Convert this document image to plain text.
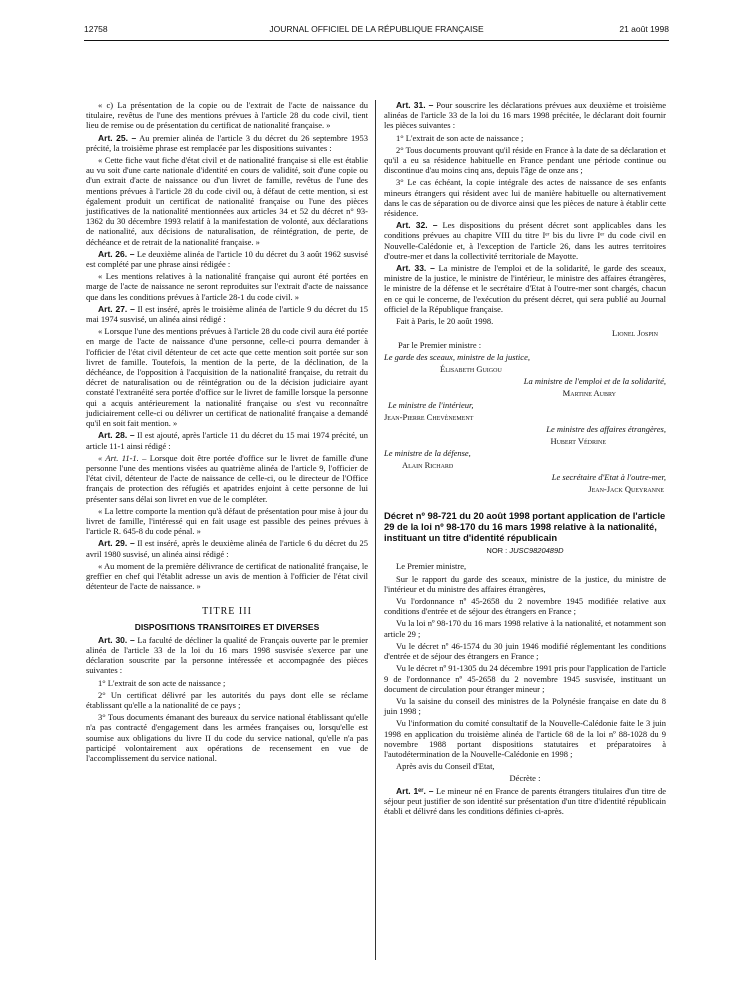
12758	JOURNAL OFFICIEL DE LA RÉPUBLIQUE FRANÇAISE	21 août 1998

« c) La présentation de la copie ou de l'extrait de l'acte de naissance du titulaire, revêtus de l'une des mentions prévues à l'article 28 du code civil, tient lieu de remise ou de présentation du certificat de nationalité française. »

Art. 25. – Au premier alinéa de l'article 3 du décret du 26 septembre 1953 précité, la troisième phrase est remplacée par les dispositions suivantes :

« Cette fiche vaut fiche d'état civil et de nationalité française si elle est établie au vu soit d'une carte nationale d'identité en cours de validité, soit d'une copie ou d'un extrait d'acte de naissance ou d'un livret de famille, revêtus de l'une des mentions prévues à l'article 28 du code civil ou, à défaut de cette mention, si est également produit un certificat de nationalité française ou l'une des pièces justificatives de la nationalité mentionnées aux articles 34 et 52 du décret n° 93-1362 du 30 décembre 1993 relatif à la manifestation de volonté, aux déclarations de nationalité, aux décisions de naturalisation, de réintégration, de perte, de déchéance et de retrait de la nationalité française. »

Art. 26. – Le deuxième alinéa de l'article 10 du décret du 3 août 1962 susvisé est complété par une phrase ainsi rédigée :

« Les mentions relatives à la nationalité française qui auront été portées en marge de l'acte de naissance ne seront reproduites sur l'extrait d'acte de naissance que dans les conditions prévues à l'article 28-1 du code civil. »

Art. 27. – Il est inséré, après le troisième alinéa de l'article 9 du décret du 15 mai 1974 susvisé, un alinéa ainsi rédigé :

« Lorsque l'une des mentions prévues à l'article 28 du code civil aura été portée en marge de l'acte de naissance d'une personne, celle-ci pourra demander à l'officier de l'état civil détenteur de cet acte que cette mention soit portée sur son livret de famille. Toutefois, la mention de la perte, de la déclination, de la déchéance, de l'opposition à l'acquisition de la nationalité française, du retrait du décret de naturalisation ou de réintégration ou de la décision judiciaire ayant constaté l'extranéité sera portée d'office sur le livret de famille lorsque la personne qui a acquis antérieurement la nationalité française ou s'est vu reconnaître judiciairement celle-ci ou délivrer un certificat de nationalité française a demandé qu'il en soit fait mention. »

Art. 28. – Il est ajouté, après l'article 11 du décret du 15 mai 1974 précité, un article 11-1 ainsi rédigé :

« Art. 11-1. – Lorsque doit être portée d'office sur le livret de famille d'une personne l'une des mentions visées au quatrième alinéa de l'article 9, l'officier de l'état civil, détenteur de l'acte de naissance de celle-ci, ou le directeur de l'Office français de protection des réfugiés et apatrides enjoint à cette personne de lui présenter sans délai son livret en vue de le compléter.

« La lettre comporte la mention qu'à défaut de présentation pour mise à jour du livret de famille, l'intéressé qui en fait usage est passible des peines prévues à l'article R. 645-8 du code pénal. »

Art. 29. – Il est inséré, après le deuxième alinéa de l'article 6 du décret du 25 avril 1980 susvisé, un alinéa ainsi rédigé :

« Au moment de la première délivrance de certificat de nationalité française, le greffier en chef qui l'établit adresse un avis de mention à l'officier de l'état civil détenteur de l'acte de naissance. »

TITRE III
DISPOSITIONS TRANSITOIRES ET DIVERSES

Art. 30. – La faculté de décliner la qualité de Français ouverte par le premier alinéa de l'article 33 de la loi du 16 mars 1998 susvisée s'exerce par une déclaration souscrite par la personne intéressée et accompagnée des pièces suivantes :

1° L'extrait de son acte de naissance ;

2° Un certificat délivré par les autorités du pays dont elle se réclame établissant qu'elle a la nationalité de ce pays ;

3° Tous documents émanant des bureaux du service national établissant qu'elle n'a pas contracté d'engagement dans les armées françaises ou, lorsqu'elle est soumise aux obligations du livre II du code du service national, qu'elle n'a pas participé volontairement aux opérations de recensement en vue de l'accomplissement du service national.

Art. 31. – Pour souscrire les déclarations prévues aux deuxième et troisième alinéas de l'article 33 de la loi du 16 mars 1998 précitée, le déclarant doit fournir les pièces suivantes :

1° L'extrait de son acte de naissance ;

2° Tous documents prouvant qu'il réside en France à la date de sa déclaration et qu'il a eu sa résidence habituelle en France pendant une période continue ou discontinue d'au moins cinq ans, depuis l'âge de onze ans ;

3° Le cas échéant, la copie intégrale des actes de naissance de ses enfants mineurs étrangers qui résident avec lui de manière habituelle ou alternativement dans le cas de séparation ou de divorce ainsi que les pièces de nature à établir cette résidence.

Art. 32. – Les dispositions du présent décret sont applicables dans les conditions prévues au chapitre VIII du titre Iᵉʳ bis du livre Iᵉʳ du code civil en Nouvelle-Calédonie et, à l'exception de l'article 26, dans les autres territoires d'outre-mer et dans la collectivité territoriale de Mayotte.

Art. 33. – La ministre de l'emploi et de la solidarité, le garde des sceaux, ministre de la justice, le ministre de l'intérieur, le ministre des affaires étrangères, le ministre de la défense et le secrétaire d'Etat à l'outre-mer sont chargés, chacun en ce qui le concerne, de l'exécution du présent décret, qui sera publié au Journal officiel de la République française.

Fait à Paris, le 20 août 1998.

Lionel Jospin
Par le Premier ministre :
Le garde des sceaux, ministre de la justice,
Élisabeth Guigou
La ministre de l'emploi et de la solidarité,
Martine Aubry
Le ministre de l'intérieur,
Jean-Pierre Chevènement
Le ministre des affaires étrangères,
Hubert Védrine
Le ministre de la défense,
Alain Richard
Le secrétaire d'Etat à l'outre-mer,
Jean-Jack Queyranne
Décret nº 98-721 du 20 août 1998 portant application de l'article 29 de la loi nº 98-170 du 16 mars 1998 relative à la nationalité, instituant un titre d'identité républicain
NOR : JUSC9820489D

Le Premier ministre,

Sur le rapport du garde des sceaux, ministre de la justice, du ministre de l'intérieur et du ministre des affaires étrangères,

Vu l'ordonnance nº 45-2658 du 2 novembre 1945 modifiée relative aux conditions d'entrée et de séjour des étrangers en France ;

Vu la loi nº 98-170 du 16 mars 1998 relative à la nationalité, et notamment son article 29 ;

Vu le décret nº 46-1574 du 30 juin 1946 modifié réglementant les conditions d'entrée et de séjour des étrangers en France ;

Vu le décret nº 91-1305 du 24 décembre 1991 pris pour l'application de l'article 9 de l'ordonnance nº 45-2658 du 2 novembre 1945 susvisée, instituant un document de circulation pour étranger mineur ;

Vu la saisine du conseil des ministres de la Polynésie française en date du 8 juin 1998 ;

Vu l'information du comité consultatif de la Nouvelle-Calédonie faite le 3 juin 1998 en application du troisième alinéa de l'article 68 de la loi nº 88-1028 du 9 novembre 1988 portant dispositions statutaires et préparatoires à l'autodétermination de la Nouvelle-Calédonie en 1998 ;

Après avis du Conseil d'Etat,

Décrète :

Art. 1ᵉʳ. – Le mineur né en France de parents étrangers titulaires d'un titre de séjour peut justifier de son identité sur présentation d'un titre d'identité républicain établi et délivré dans les conditions définies ci-après.
